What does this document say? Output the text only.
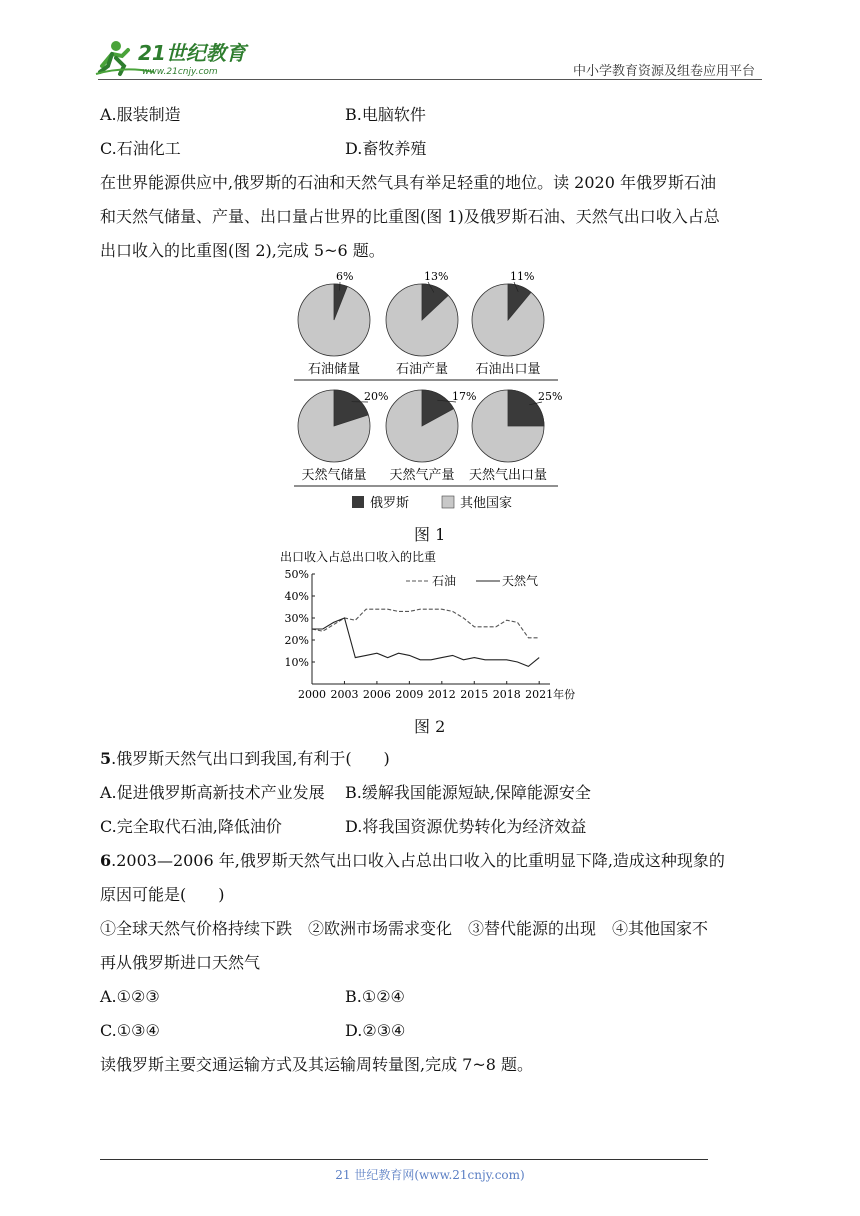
21世纪教育
www.21cnjy.com	中小学教育资源及组卷应用平台
A.服装制造	B.电脑软件
C.石油化工	D.畜牧养殖
在世界能源供应中,俄罗斯的石油和天然气具有举足轻重的地位。读 2020 年俄罗斯石油
和天然气储量、产量、出口量占世界的比重图(图 1)及俄罗斯石油、天然气出口收入占总
出口收入的比重图(图 2),完成 5~6 题。
6%
石油储量
13%
石油产量
11%
石油出口量
20%
天然气储量
17%
天然气产量
25%
天然气出口量
俄罗斯	其他国家
图 1
出口收入占总出口收入的比重
10%
20%
30%
40%
50%
2000 2003 2006 2009 2012 2015 2018 2021 年份
石油	天然气
图 2
5.俄罗斯天然气出口到我国,有利于(　　)
A.促进俄罗斯高新技术产业发展 B.缓解我国能源短缺,保障能源安全
C.完全取代石油,降低油价	D.将我国资源优势转化为经济效益
6.2003—2006 年,俄罗斯天然气出口收入占总出口收入的比重明显下降,造成这种现象的
原因可能是(　　)
①全球天然气价格持续下跌　②欧洲市场需求变化　③替代能源的出现　④其他国家不
再从俄罗斯进口天然气
A.①②③	B.①②④
C.①③④	D.②③④
读俄罗斯主要交通运输方式及其运输周转量图,完成 7~8 题。
21 世纪教育网(www.21cnjy.com)
